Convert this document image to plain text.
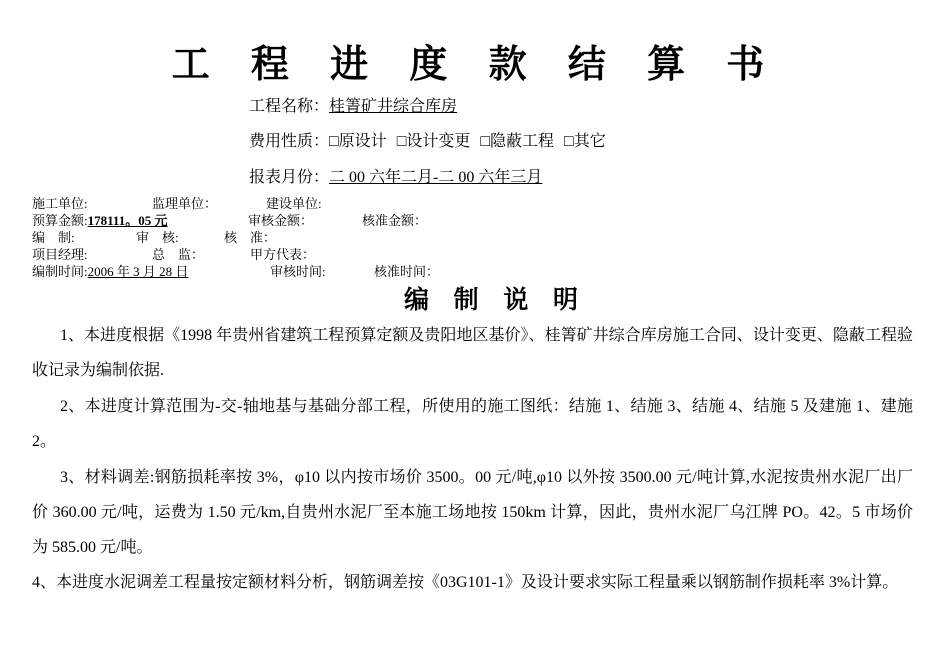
工 程 进 度 款 结 算 书
工程名称：桂箐矿井综合库房
费用性质：□原设计 □设计变更 □隐蔽工程 □其它
报表月份：二 00 六年二月-二 00 六年三月
施工单位:	监理单位：	建设单位:
预算金额:178111。05 元	审核金额：	核准金额：
编　制:	审　核:	核　准：
项目经理:	总　监：	甲方代表：
编制时间:2006 年 3 月 28 日	审核时间:	核准时间：
编 制 说 明

1、本进度根据《1998 年贵州省建筑工程预算定额及贵阳地区基价》、桂箐矿井综合库房施工合同、设计变更、隐蔽工程验收记录为编制依据.

2、本进度计算范围为-交-轴地基与基础分部工程，所使用的施工图纸：结施 1、结施 3、结施 4、结施 5 及建施 1、建施 2。

3、材料调差:钢筋损耗率按 3%，φ10 以内按市场价 3500。00 元/吨,φ10 以外按 3500.00 元/吨计算,水泥按贵州水泥厂出厂价 360.00 元/吨，运费为 1.50 元/km,自贵州水泥厂至本施工场地按 150km 计算，因此，贵州水泥厂乌江牌 PO。42。5 市场价为 585.00 元/吨。

4、本进度水泥调差工程量按定额材料分析，钢筋调差按《03G101-1》及设计要求实际工程量乘以钢筋制作损耗率 3%计算。
